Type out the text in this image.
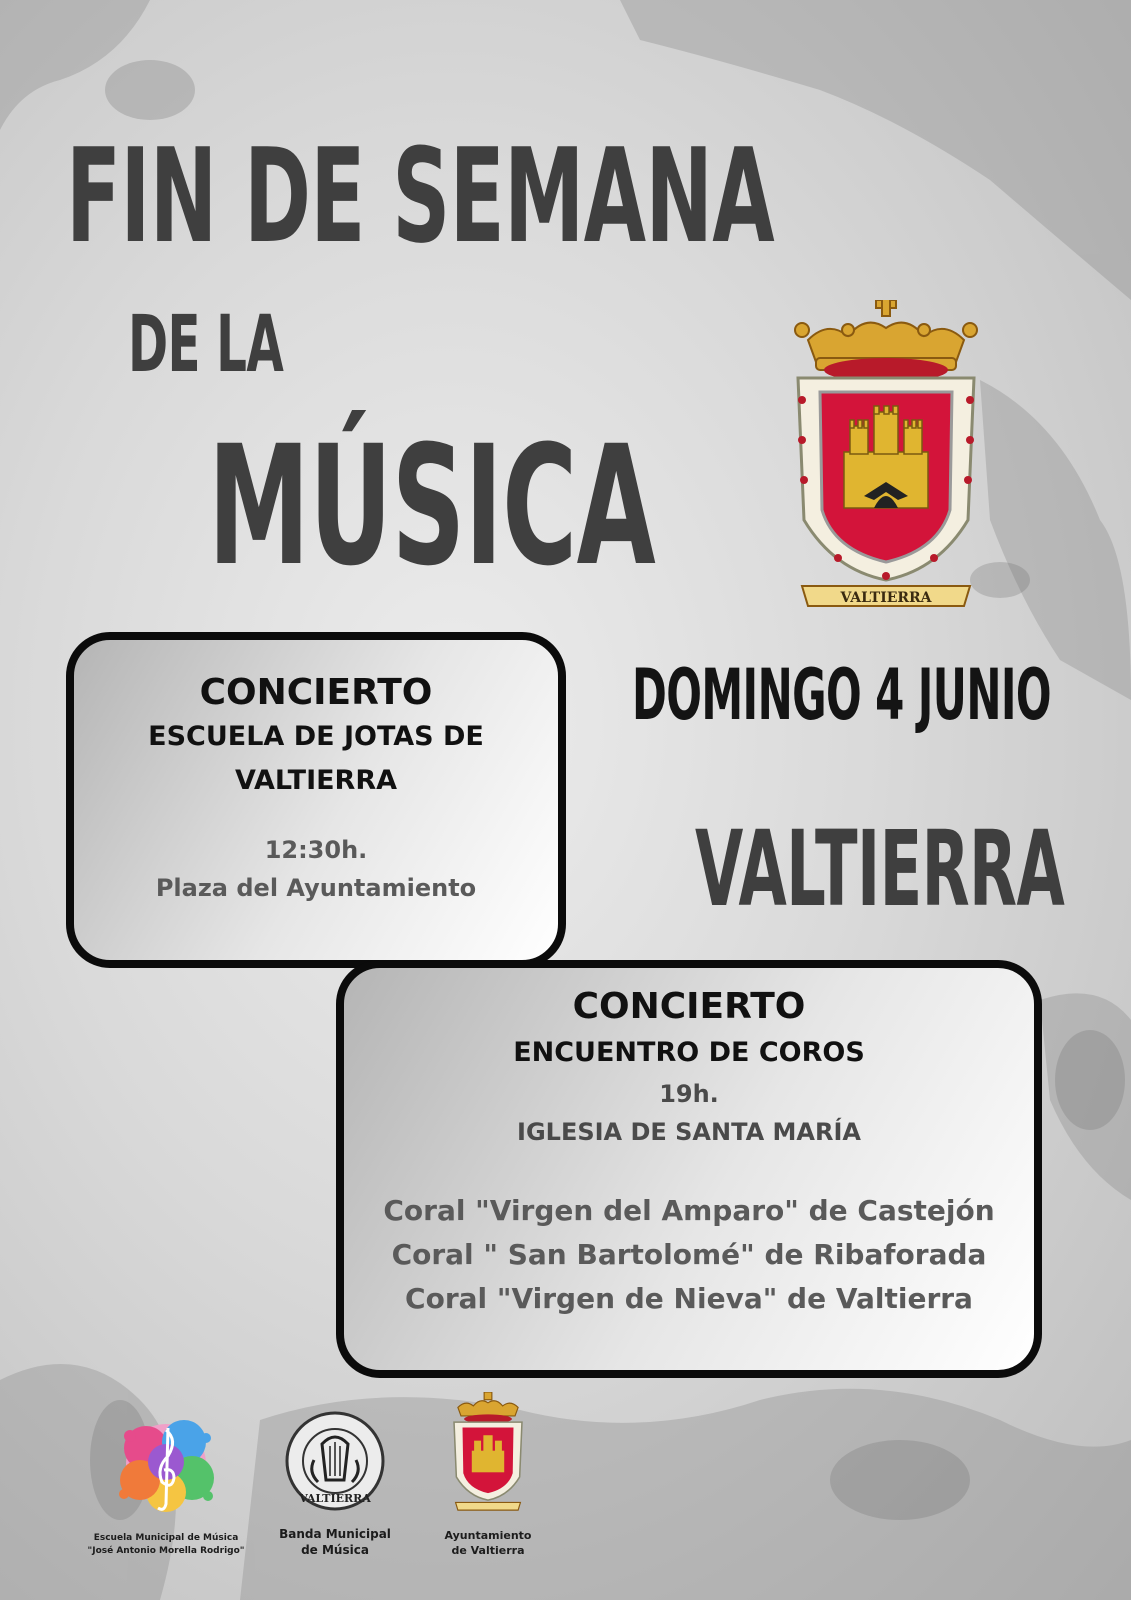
FIN DE SEMANA
DE LA
MÚSICA	VALTIERRA
DOMINGO 4 JUNIO
VALTIERRA

CONCIERTO

ESCUELA DE JOTAS DE

VALTIERRA

12:30h.

Plaza del Ayuntamiento

CONCIERTO

ENCUENTRO DE COROS

19h.

IGLESIA DE SANTA MARÍA

Coral "Virgen del Amparo" de Castejón

Coral " San Bartolomé" de Ribaforada

Coral "Virgen de Nieva" de Valtierra

Escuela Municipal de Música
"José Antonio Morella Rodrigo"
VALTIERRA
Banda Municipal
de Música
Ayuntamiento
de Valtierra
